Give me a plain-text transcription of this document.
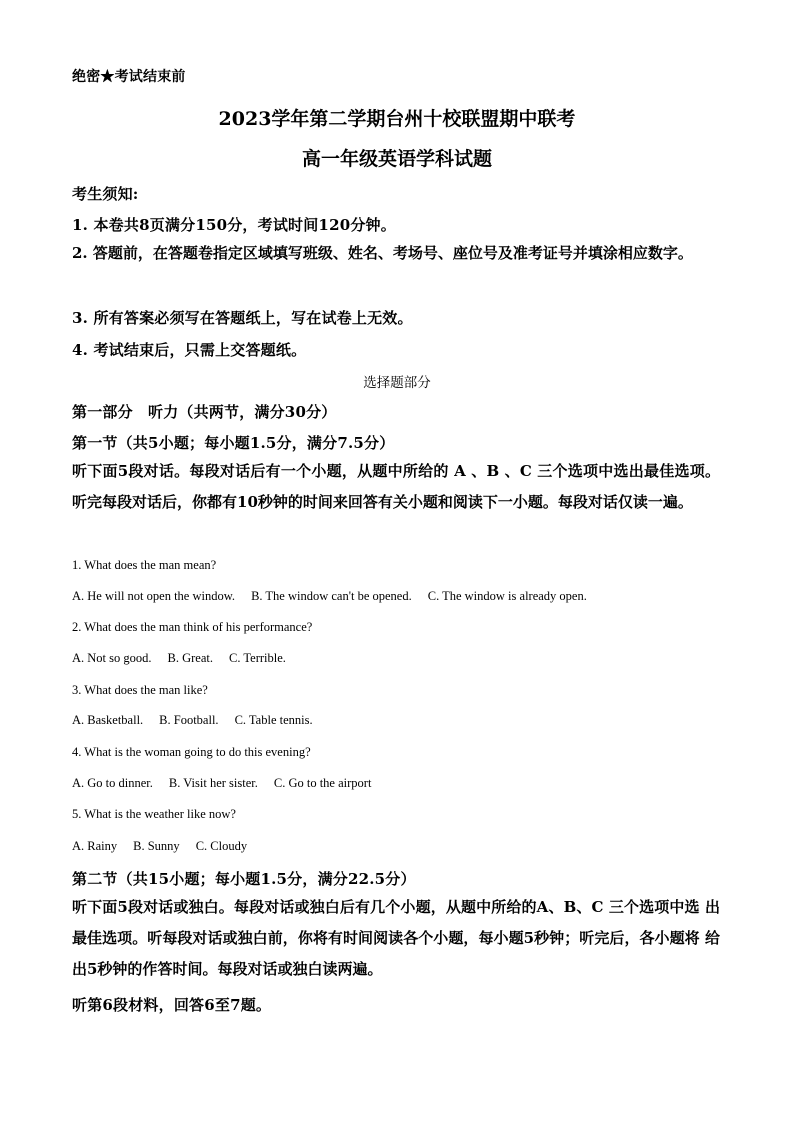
绝密★考试结束前
2023学年第二学期台州十校联盟期中联考
高一年级英语学科试题
考生须知:
1. 本卷共8页满分150分，考试时间120分钟。
2. 答题前，在答题卷指定区域填写班级、姓名、考场号、座位号及准考证号并填涂相应数字。
3. 所有答案必须写在答题纸上，写在试卷上无效。
4. 考试结束后，只需上交答题纸。
选择题部分
第一部分　听力（共两节，满分30分）
第一节（共5小题；每小题1.5分，满分7.5分）
听下面5段对话。每段对话后有一个小题，从题中所给的 A 、B 、C 三个选项中选出最佳选项。听完每段对话后，你都有10秒钟的时间来回答有关小题和阅读下一小题。每段对话仅读一遍。
1. What does the man mean?
A. He will not open the window. B. The window can't be opened. C. The window is already open.
2. What does the man think of his performance?
A. Not so good. B. Great. C. Terrible.
3. What does the man like?
A. Basketball. B. Football. C. Table tennis.
4. What is the woman going to do this evening?
A. Go to dinner. B. Visit her sister. C. Go to the airport
5. What is the weather like now?
A. Rainy B. Sunny C. Cloudy
第二节（共15小题；每小题1.5分，满分22.5分）
听下面5段对话或独白。每段对话或独白后有几个小题，从题中所给的A、B、C 三个选项中选 出最佳选项。听每段对话或独白前，你将有时间阅读各个小题，每小题5秒钟；听完后，各小题将 给出5秒钟的作答时间。每段对话或独白读两遍。
听第6段材料，回答6至7题。
